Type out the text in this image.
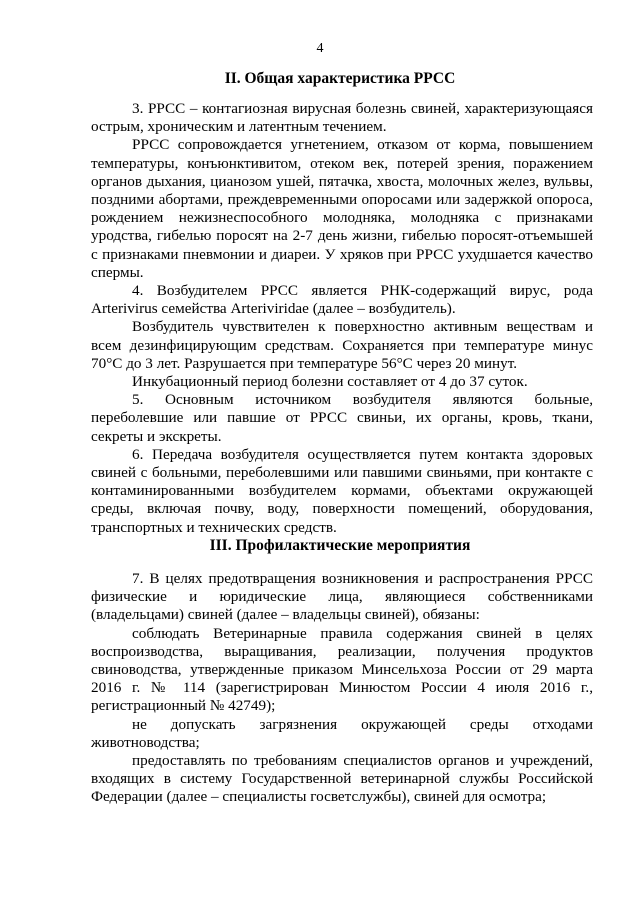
4
II. Общая характеристика РРСС

3. РРСС – контагиозная вирусная болезнь свиней, характеризующаяся острым, хроническим и латентным течением.

РРСС сопровождается угнетением, отказом от корма, повышением температуры, конъюнктивитом, отеком век, потерей зрения, поражением органов дыхания, цианозом ушей, пятачка, хвоста, молочных желез, вульвы, поздними абортами, преждевременными опоросами или задержкой опороса, рождением нежизнеспособного молодняка, молодняка с признаками уродства, гибелью поросят на 2-7 день жизни, гибелью поросят-отъемышей с признаками пневмонии и диареи. У хряков при РРСС ухудшается качество спермы.

4. Возбудителем РРСС является РНК-содержащий вирус, рода Arterivirus семейства Arteriviridae (далее – возбудитель).

Возбудитель чувствителен к поверхностно активным веществам и всем дезинфицирующим средствам. Сохраняется при температуре минус 70°С до 3 лет. Разрушается при температуре 56°С через 20 минут.

Инкубационный период болезни составляет от 4 до 37 суток.

5. Основным источником возбудителя являются больные, переболевшие или павшие от РРСС свиньи, их органы, кровь, ткани, секреты и экскреты.

6. Передача возбудителя осуществляется путем контакта здоровых свиней с больными, переболевшими или павшими свиньями, при контакте с контаминированными возбудителем кормами, объектами окружающей среды, включая почву, воду, поверхности помещений, оборудования, транспортных и технических средств.

III. Профилактические мероприятия

7. В целях предотвращения возникновения и распространения РРСС физические и юридические лица, являющиеся собственниками (владельцами) свиней (далее – владельцы свиней), обязаны:

соблюдать Ветеринарные правила содержания свиней в целях воспроизводства, выращивания, реализации, получения продуктов свиноводства, утвержденные приказом Минсельхоза России от 29 марта 2016 г. № 114 (зарегистрирован Минюстом России 4 июля 2016 г., регистрационный № 42749);

не допускать загрязнения окружающей среды отходами животноводства;

предоставлять по требованиям специалистов органов и учреждений, входящих в систему Государственной ветеринарной службы Российской Федерации (далее – специалисты госветслужбы), свиней для осмотра;
